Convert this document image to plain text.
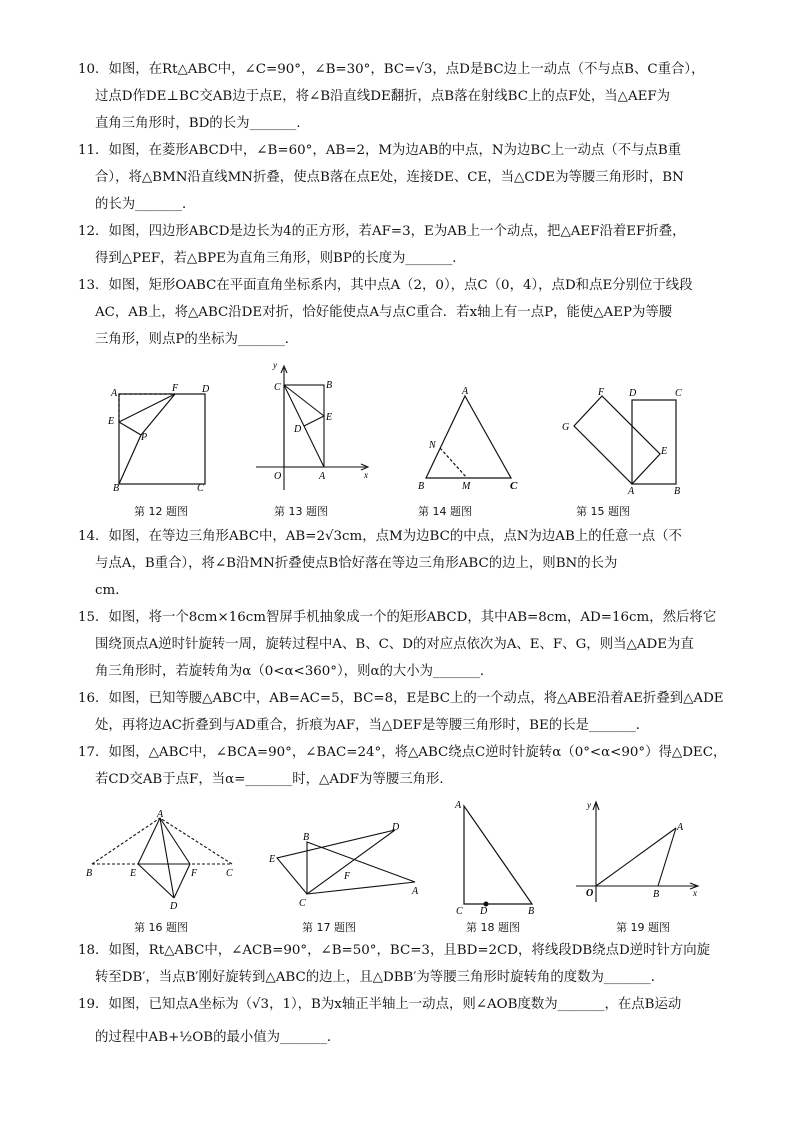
10．如图，在Rt△ABC中，∠C=90°，∠B=30°，BC=√3，点D是BC边上一动点（不与点B、C重合），

过点D作DE⊥BC交AB边于点E，将∠B沿直线DE翻折，点B落在射线BC上的点F处，当△AEF为

直角三角形时，BD的长为_______．

11．如图，在菱形ABCD中，∠B=60°，AB=2，M为边AB的中点，N为边BC上一动点（不与点B重

合），将△BMN沿直线MN折叠，使点B落在点E处，连接DE、CE，当△CDE为等腰三角形时，BN

的长为_______．

12．如图，四边形ABCD是边长为4的正方形，若AF=3，E为AB上一个动点，把△AEF沿着EF折叠，

得到△PEF，若△BPE为直角三角形，则BP的长度为_______．

13．如图，矩形OABC在平面直角坐标系内，其中点A（2，0），点C（0，4），点D和点E分别位于线段

AC，AB上，将△ABC沿DE对折，恰好能使点A与点C重合．若x轴上有一点P，能使△AEP为等腰

三角形，则点P的坐标为_______．

A	F D
E
P
B	C
第 12 题图
y
C	B
E
D
O	A	x
第 13 题图
A
N
B	M	C
第 14 题图
F D	C
G
E
A	B
第 15 题图

14．如图，在等边三角形ABC中，AB=2√3cm，点M为边BC的中点，点N为边AB上的任意一点（不

与点A，B重合），将∠B沿MN折叠使点B恰好落在等边三角形ABC的边上，则BN的长为

cm．

15．如图，将一个8cm×16cm智屏手机抽象成一个的矩形ABCD，其中AB=8cm，AD=16cm，然后将它

围绕顶点A逆时针旋转一周，旋转过程中A、B、C、D的对应点依次为A、E、F、G，则当△ADE为直

角三角形时，若旋转角为α（0<α<360°），则α的大小为_______．

16．如图，已知等腰△ABC中，AB=AC=5，BC=8，E是BC上的一个动点，将△ABE沿着AE折叠到△ADE

处，再将边AC折叠到与AD重合，折痕为AF，当△DEF是等腰三角形时，BE的长是_______．

17．如图，△ABC中，∠BCA=90°，∠BAC=24°，将△ABC绕点C逆时针旋转α（0°<α<90°）得△DEC，

若CD交AB于点F，当α=_______时，△ADF为等腰三角形．

A
B	E	F	C
D
第 16 题图
B
D
E
F
C
A
第 17 题图
A
C D	B
第 18 题图
y
A
O	B	x
第 19 题图

18．如图，Rt△ABC中，∠ACB=90°，∠B=50°，BC=3，且BD=2CD，将线段DB绕点D逆时针方向旋

转至DB′，当点B′刚好旋转到△ABC的边上，且△DBB′为等腰三角形时旋转角的度数为_______．

19．如图，已知点A坐标为（√3，1），B为x轴正半轴上一动点，则∠AOB度数为_______，在点B运动

的过程中AB+½OB的最小值为_______．
